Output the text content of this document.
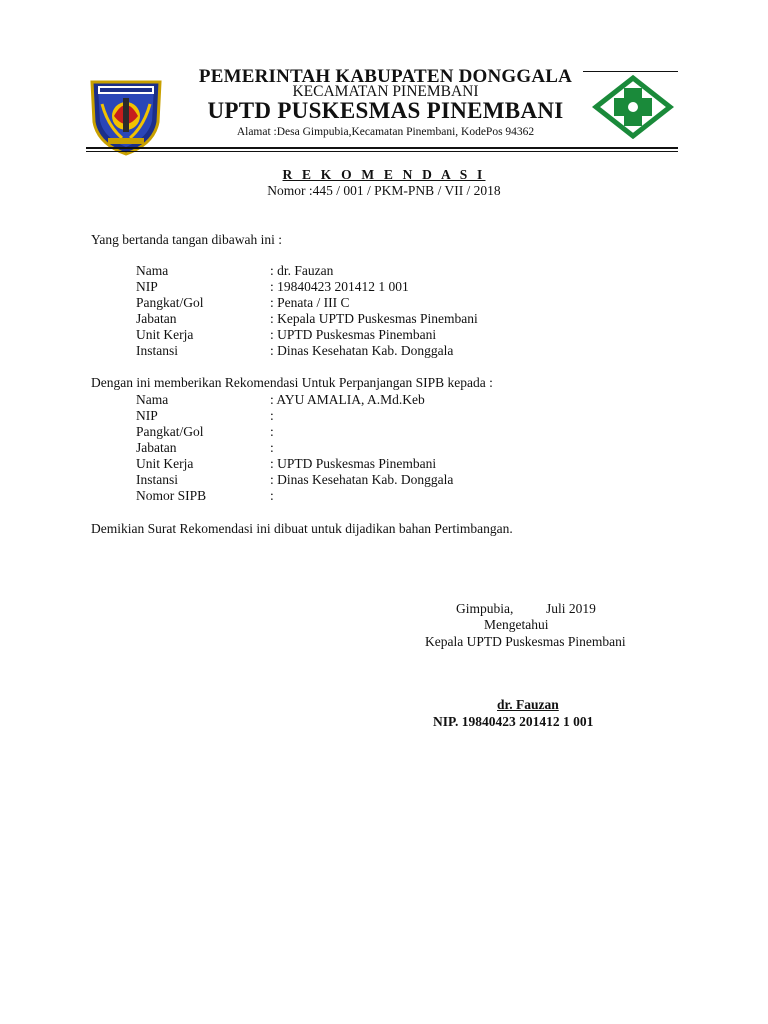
PEMERINTAH KABUPATEN DONGGALA
KECAMATAN PINEMBANI
UPTD PUSKESMAS PINEMBANI
Alamat :Desa Gimpubia,Kecamatan Pinembani, KodePos 94362
R E K O M E N D A S I
Nomor :445 / 001 / PKM-PNB / VII / 2018
Yang bertanda tangan dibawah ini :
Nama	: dr. Fauzan
NIP	: 19840423 201412 1 001
Pangkat/Gol	: Penata / III C
Jabatan	: Kepala UPTD Puskesmas Pinembani
Unit Kerja	: UPTD Puskesmas Pinembani
Instansi	: Dinas Kesehatan Kab. Donggala
Dengan ini memberikan Rekomendasi Untuk Perpanjangan SIPB kepada :
Nama	: AYU AMALIA, A.Md.Keb
NIP	:
Pangkat/Gol	:
Jabatan	:
Unit Kerja	: UPTD Puskesmas Pinembani
Instansi	: Dinas Kesehatan Kab. Donggala
Nomor SIPB	:
Demikian Surat Rekomendasi ini dibuat untuk dijadikan bahan Pertimbangan.
Gimpubia, Juli 2019
Mengetahui
Kepala UPTD Puskesmas Pinembani
dr. Fauzan
NIP. 19840423 201412 1 001
